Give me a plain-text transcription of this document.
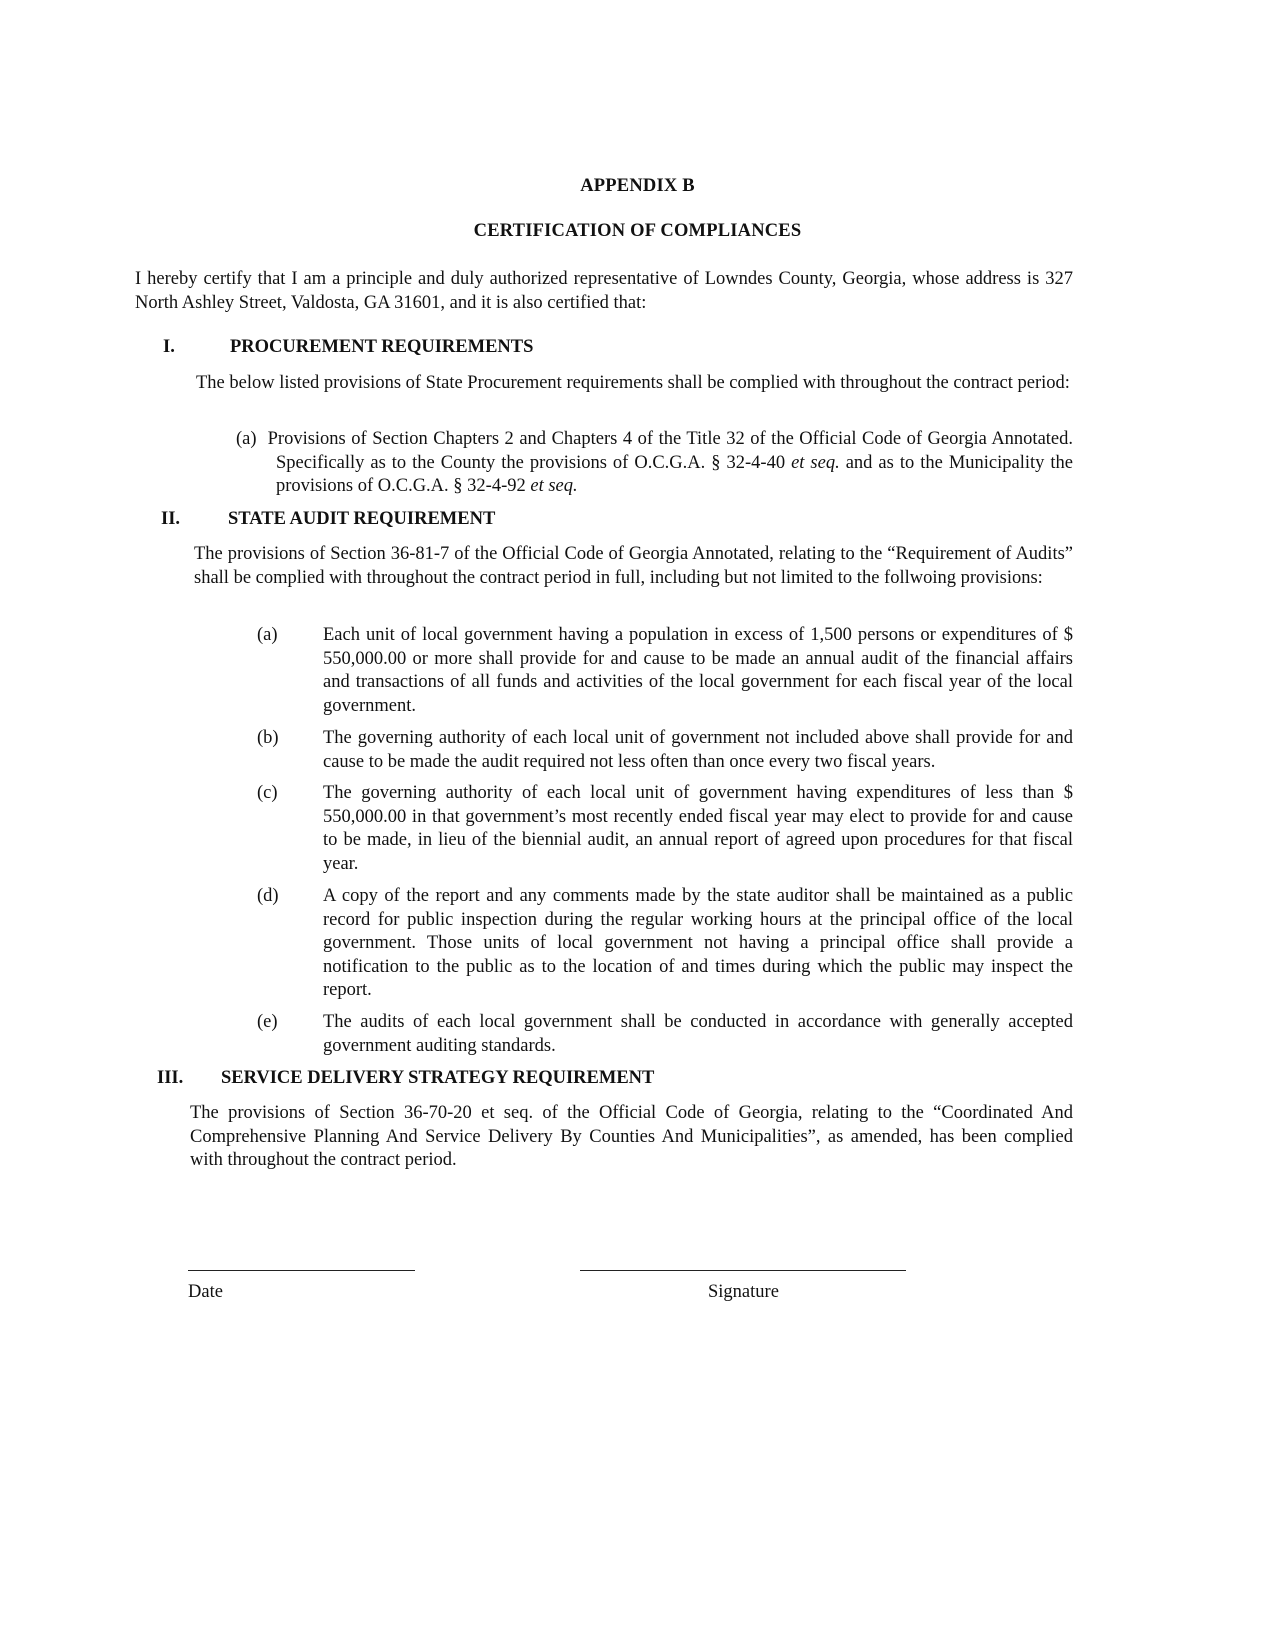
APPENDIX B
CERTIFICATION OF COMPLIANCES

I hereby certify that I am a principle and duly authorized representative of Lowndes County, Georgia, whose address is 327 North Ashley Street, Valdosta, GA 31601, and it is also certified that:

I.	PROCUREMENT REQUIREMENTS

The below listed provisions of State Procurement requirements shall be complied with throughout the contract period:

(a) Provisions of Section Chapters 2 and Chapters 4 of the Title 32 of the Official Code of Georgia Annotated. Specifically as to the County the provisions of O.C.G.A. § 32-4-40 et seq. and as to the Municipality the provisions of O.C.G.A. § 32-4-92 et seq.
II.	STATE AUDIT REQUIREMENT

The provisions of Section 36-81-7 of the Official Code of Georgia Annotated, relating to the “Requirement of Audits” shall be complied with throughout the contract period in full, including but not limited to the follwoing provisions:

(a) Each unit of local government having a population in excess of 1,500 persons or expenditures of $ 550,000.00 or more shall provide for and cause to be made an annual audit of the financial affairs and transactions of all funds and activities of the local government for each fiscal year of the local government.
(b) The governing authority of each local unit of government not included above shall provide for and cause to be made the audit required not less often than once every two fiscal years.
(c) The governing authority of each local unit of government having expenditures of less than $ 550,000.00 in that government’s most recently ended fiscal year may elect to provide for and cause to be made, in lieu of the biennial audit, an annual report of agreed upon procedures for that fiscal year.
(d) A copy of the report and any comments made by the state auditor shall be maintained as a public record for public inspection during the regular working hours at the principal office of the local government. Those units of local government not having a principal office shall provide a notification to the public as to the location of and times during which the public may inspect the report.
(e) The audits of each local government shall be conducted in accordance with generally accepted government auditing standards.
III. SERVICE DELIVERY STRATEGY REQUIREMENT

The provisions of Section 36-70-20 et seq. of the Official Code of Georgia, relating to the “Coordinated And Comprehensive Planning And Service Delivery By Counties And Municipalities”, as amended, has been complied with throughout the contract period.

Date	Signature
